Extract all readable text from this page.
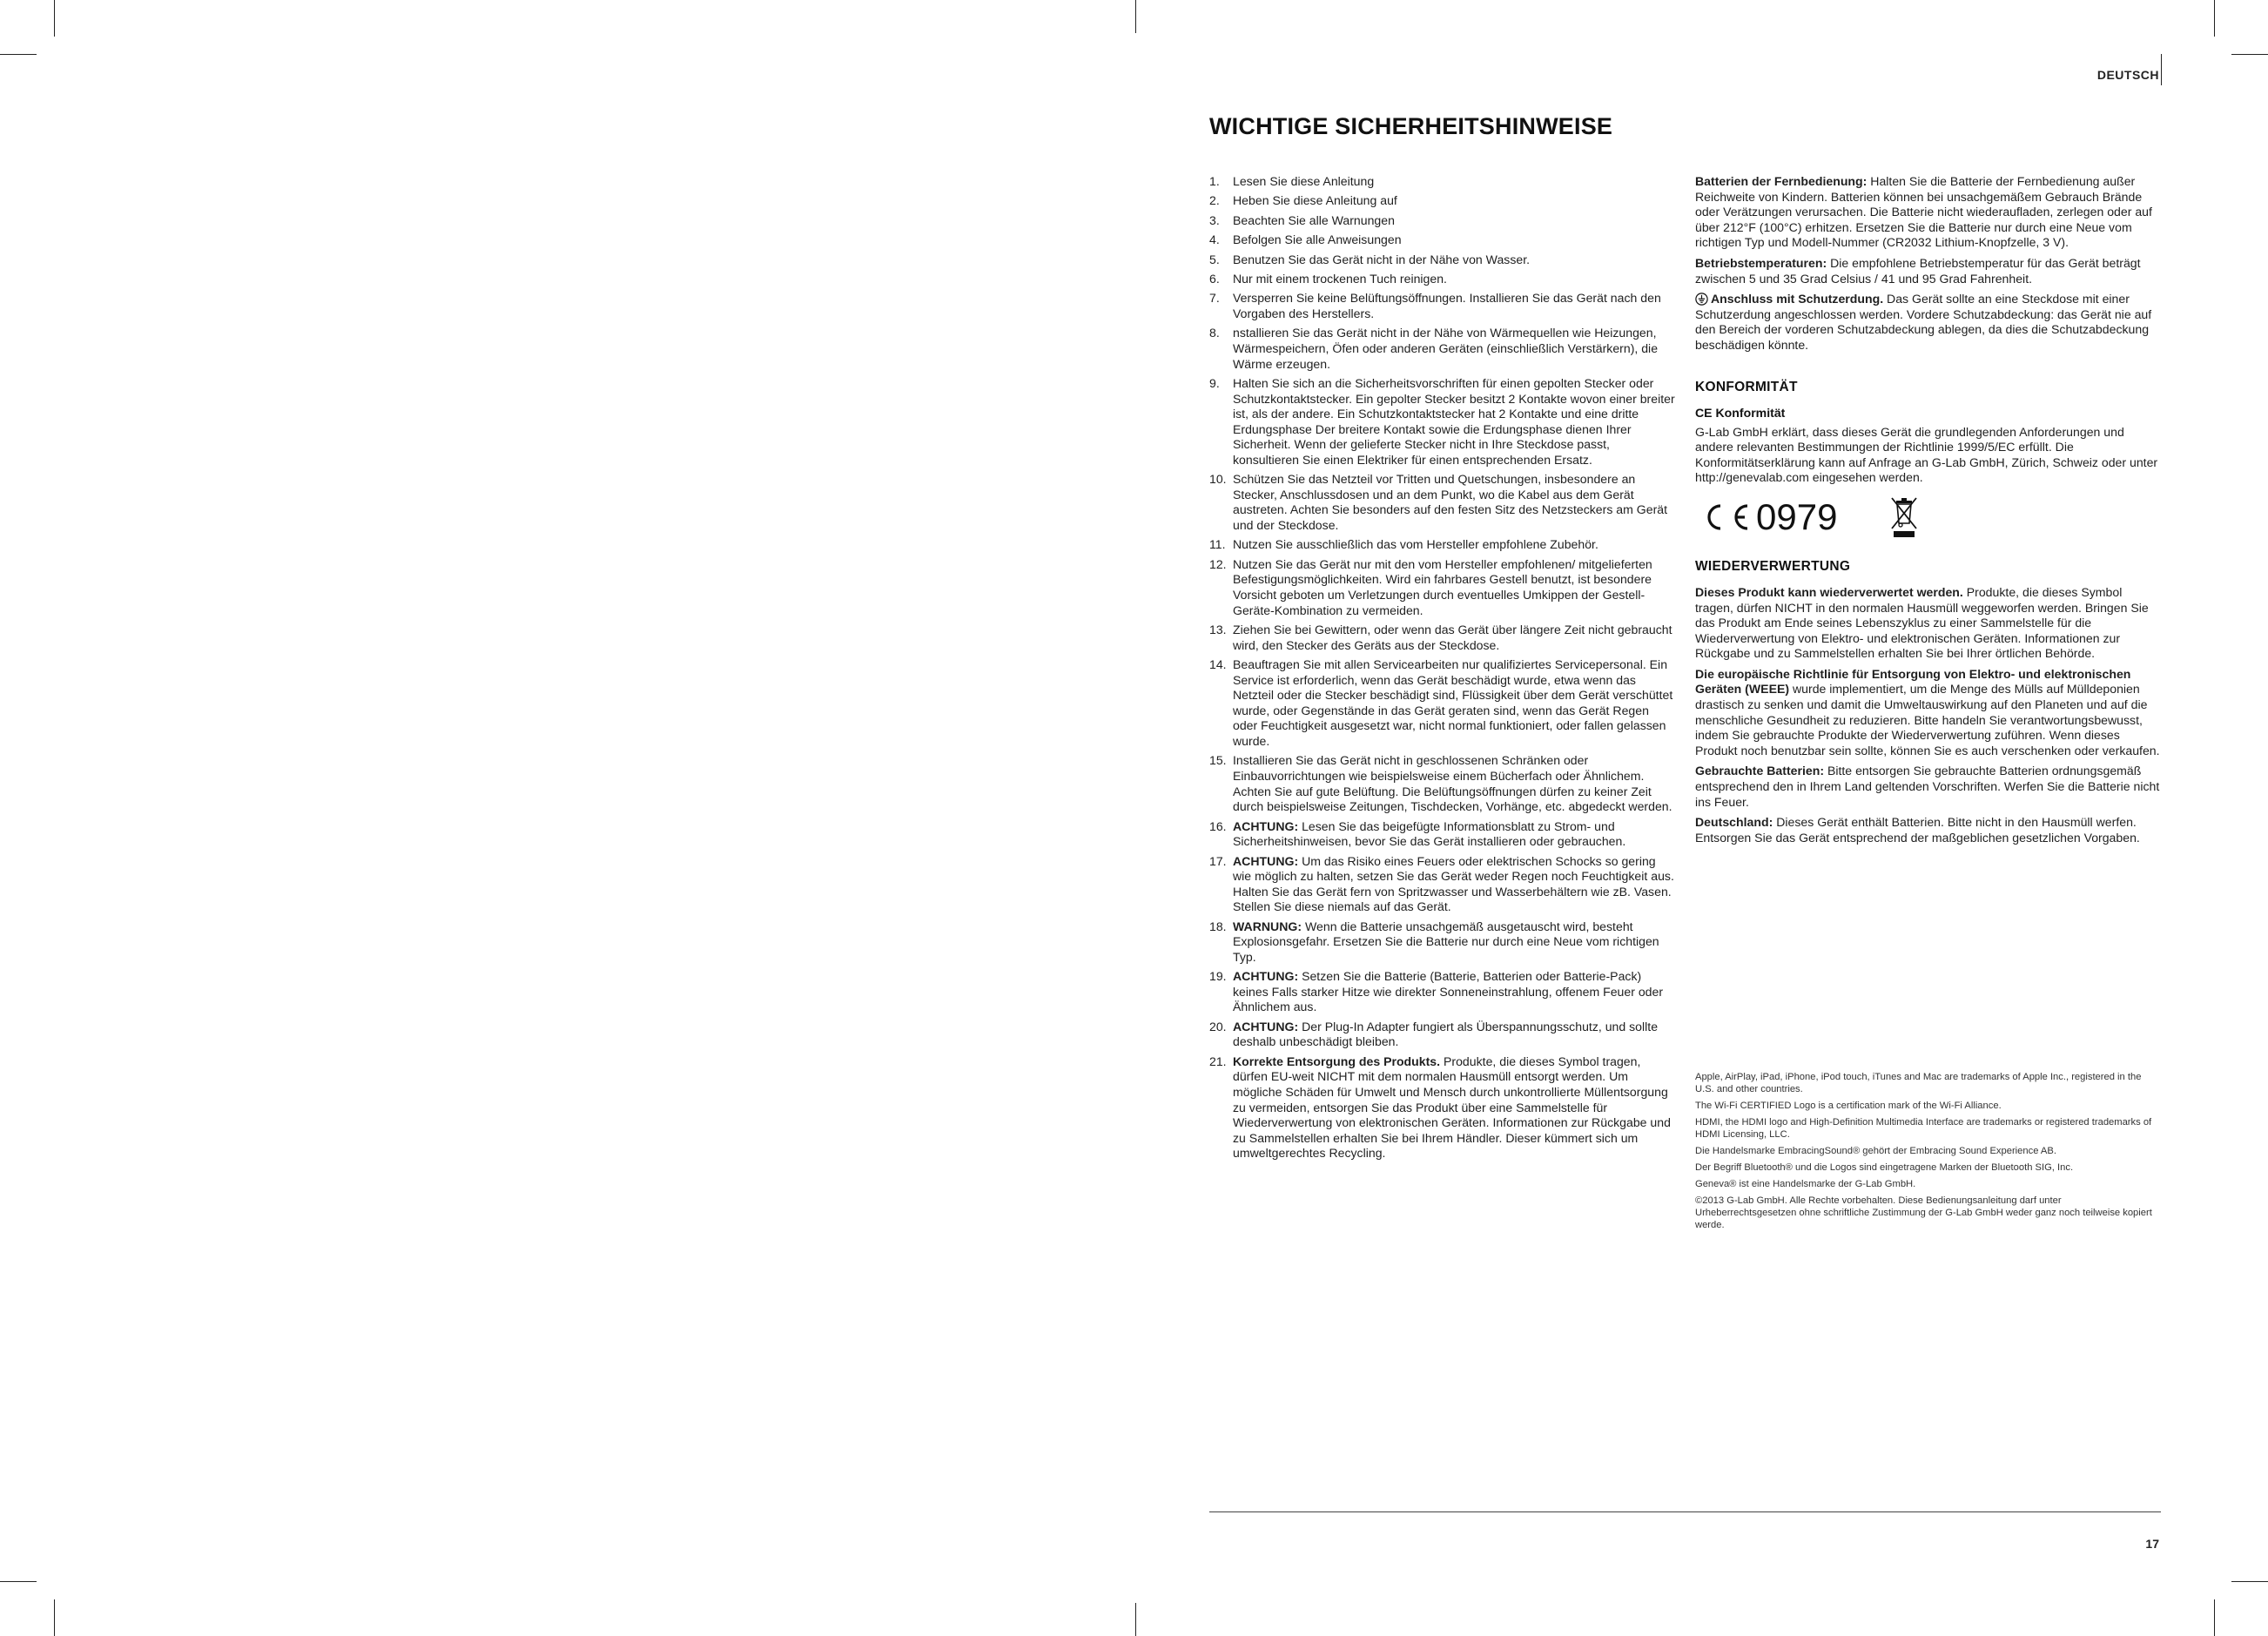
DEUTSCH
WICHTIGE SICHERHEITSHINWEISE
1. Lesen Sie diese Anleitung
2. Heben Sie diese Anleitung auf
3. Beachten Sie alle Warnungen
4. Befolgen Sie alle Anweisungen
5. Benutzen Sie das Gerät nicht in der Nähe von Wasser.
6. Nur mit einem trockenen Tuch reinigen.
7. Versperren Sie keine Belüftungsöffnungen. Installieren Sie das Gerät nach den Vorgaben des Herstellers.
8. nstallieren Sie das Gerät nicht in der Nähe von Wärmequellen wie Heizungen, Wärmespeichern, Öfen oder anderen Geräten (einschließlich Verstärkern), die Wärme erzeugen.
9. Halten Sie sich an die Sicherheitsvorschriften für einen gepolten Stecker oder Schutzkontaktstecker. Ein gepolter Stecker besitzt 2 Kontakte wovon einer breiter ist, als der andere. Ein Schutzkontaktstecker hat 2 Kontakte und eine dritte Erdungsphase Der breitere Kontakt sowie die Erdungsphase dienen Ihrer Sicherheit. Wenn der gelieferte Stecker nicht in Ihre Steckdose passt, konsultieren Sie einen Elektriker für einen entsprechenden Ersatz.
10. Schützen Sie das Netzteil vor Tritten und Quetschungen, insbesondere an Stecker, Anschlussdosen und an dem Punkt, wo die Kabel aus dem Gerät austreten. Achten Sie besonders auf den festen Sitz des Netzsteckers am Gerät und der Steckdose.
11. Nutzen Sie ausschließlich das vom Hersteller empfohlene Zubehör.
12. Nutzen Sie das Gerät nur mit den vom Hersteller empfohlenen/ mitgelieferten Befestigungsmöglichkeiten. Wird ein fahrbares Gestell benutzt, ist besondere Vorsicht geboten um Verletzungen durch eventuelles Umkippen der Gestell-Geräte-Kombination zu vermeiden.
13. Ziehen Sie bei Gewittern, oder wenn das Gerät über längere Zeit nicht gebraucht wird, den Stecker des Geräts aus der Steckdose.
14. Beauftragen Sie mit allen Servicearbeiten nur qualifiziertes Servicepersonal. Ein Service ist erforderlich, wenn das Gerät beschädigt wurde, etwa wenn das Netzteil oder die Stecker beschädigt sind, Flüssigkeit über dem Gerät verschüttet wurde, oder Gegenstände in das Gerät geraten sind, wenn das Gerät Regen oder Feuchtigkeit ausgesetzt war, nicht normal funktioniert, oder fallen gelassen wurde.
15. Installieren Sie das Gerät nicht in geschlossenen Schränken oder Einbauvorrichtungen wie beispielsweise einem Bücherfach oder Ähnlichem. Achten Sie auf gute Belüftung. Die Belüftungsöffnungen dürfen zu keiner Zeit durch beispielsweise Zeitungen, Tischdecken, Vorhänge, etc. abgedeckt werden.
16. ACHTUNG: Lesen Sie das beigefügte Informationsblatt zu Strom- und Sicherheitshinweisen, bevor Sie das Gerät installieren oder gebrauchen.
17. ACHTUNG: Um das Risiko eines Feuers oder elektrischen Schocks so gering wie möglich zu halten, setzen Sie das Gerät weder Regen noch Feuchtigkeit aus. Halten Sie das Gerät fern von Spritzwasser und Wasserbehältern wie zB. Vasen. Stellen Sie diese niemals auf das Gerät.
18. WARNUNG: Wenn die Batterie unsachgemäß ausgetauscht wird, besteht Explosionsgefahr. Ersetzen Sie die Batterie nur durch eine Neue vom richtigen Typ.
19. ACHTUNG: Setzen Sie die Batterie (Batterie, Batterien oder Batterie-Pack) keines Falls starker Hitze wie direkter Sonneneinstrahlung, offenem Feuer oder Ähnlichem aus.
20. ACHTUNG: Der Plug-In Adapter fungiert als Überspannungsschutz, und sollte deshalb unbeschädigt bleiben.
21. Korrekte Entsorgung des Produkts. Produkte, die dieses Symbol tragen, dürfen EU-weit NICHT mit dem normalen Hausmüll entsorgt werden. Um mögliche Schäden für Umwelt und Mensch durch unkontrollierte Müllentsorgung zu vermeiden, entsorgen Sie das Produkt über eine Sammelstelle für Wiederverwertung von elektronischen Geräten. Informationen zur Rückgabe und zu Sammelstellen erhalten Sie bei Ihrem Händler. Dieser kümmert sich um umweltgerechtes Recycling.

Batterien der Fernbedienung: Halten Sie die Batterie der Fernbedienung außer Reichweite von Kindern. Batterien können bei unsachgemäßem Gebrauch Brände oder Verätzungen verursachen. Die Batterie nicht wiederaufladen, zerlegen oder auf über 212°F (100°C) erhitzen. Ersetzen Sie die Batterie nur durch eine Neue vom richtigen Typ und Modell-Nummer (CR2032 Lithium-Knopfzelle, 3 V).

Betriebstemperaturen: Die empfohlene Betriebstemperatur für das Gerät beträgt zwischen 5 und 35 Grad Celsius / 41 und 95 Grad Fahrenheit.

Anschluss mit Schutzerdung. Das Gerät sollte an eine Steckdose mit einer Schutzerdung angeschlossen werden. Vordere Schutzabdeckung: das Gerät nie auf den Bereich der vorderen Schutzabdeckung ablegen, da dies die Schutzabdeckung beschädigen könnte.

KONFORMITÄT
CE Konformität

G-Lab GmbH erklärt, dass dieses Gerät die grundlegenden Anforderungen und andere relevanten Bestimmungen der Richtlinie 1999/5/EC erfüllt. Die Konformitätserklärung kann auf Anfrage an G-Lab GmbH, Zürich, Schweiz oder unter http://genevalab.com eingesehen werden.

0979
WIEDERVERWERTUNG

Dieses Produkt kann wiederverwertet werden. Produkte, die dieses Symbol tragen, dürfen NICHT in den normalen Hausmüll weggeworfen werden. Bringen Sie das Produkt am Ende seines Lebenszyklus zu einer Sammelstelle für die Wiederverwertung von Elektro- und elektronischen Geräten. Informationen zur Rückgabe und zu Sammelstellen erhalten Sie bei Ihrer örtlichen Behörde.

Die europäische Richtlinie für Entsorgung von Elektro- und elektronischen Geräten (WEEE) wurde implementiert, um die Menge des Mülls auf Mülldeponien drastisch zu senken und damit die Umweltauswirkung auf den Planeten und auf die menschliche Gesundheit zu reduzieren. Bitte handeln Sie verantwortungsbewusst, indem Sie gebrauchte Produkte der Wiederverwertung zuführen. Wenn dieses Produkt noch benutzbar sein sollte, können Sie es auch verschenken oder verkaufen.

Gebrauchte Batterien: Bitte entsorgen Sie gebrauchte Batterien ordnungsgemäß entsprechend den in Ihrem Land geltenden Vorschriften. Werfen Sie die Batterie nicht ins Feuer.

Deutschland: Dieses Gerät enthält Batterien. Bitte nicht in den Hausmüll werfen. Entsorgen Sie das Gerät entsprechend der maßgeblichen gesetzlichen Vorgaben.

Apple, AirPlay, iPad, iPhone, iPod touch, iTunes and Mac are trademarks of Apple Inc., registered in the U.S. and other countries.

The Wi-Fi CERTIFIED Logo is a certification mark of the Wi-Fi Alliance.

HDMI, the HDMI logo and High-Definition Multimedia Interface are trademarks or registered trademarks of HDMI Licensing, LLC.

Die Handelsmarke EmbracingSound® gehört der Embracing Sound Experience AB.

Der Begriff Bluetooth® und die Logos sind eingetragene Marken der Bluetooth SIG, Inc.

Geneva® ist eine Handelsmarke der G-Lab GmbH.

©2013 G-Lab GmbH. Alle Rechte vorbehalten. Diese Bedienungsanleitung darf unter Urheberrechtsgesetzen ohne schriftliche Zustimmung der G-Lab GmbH weder ganz noch teilweise kopiert werde.

17
